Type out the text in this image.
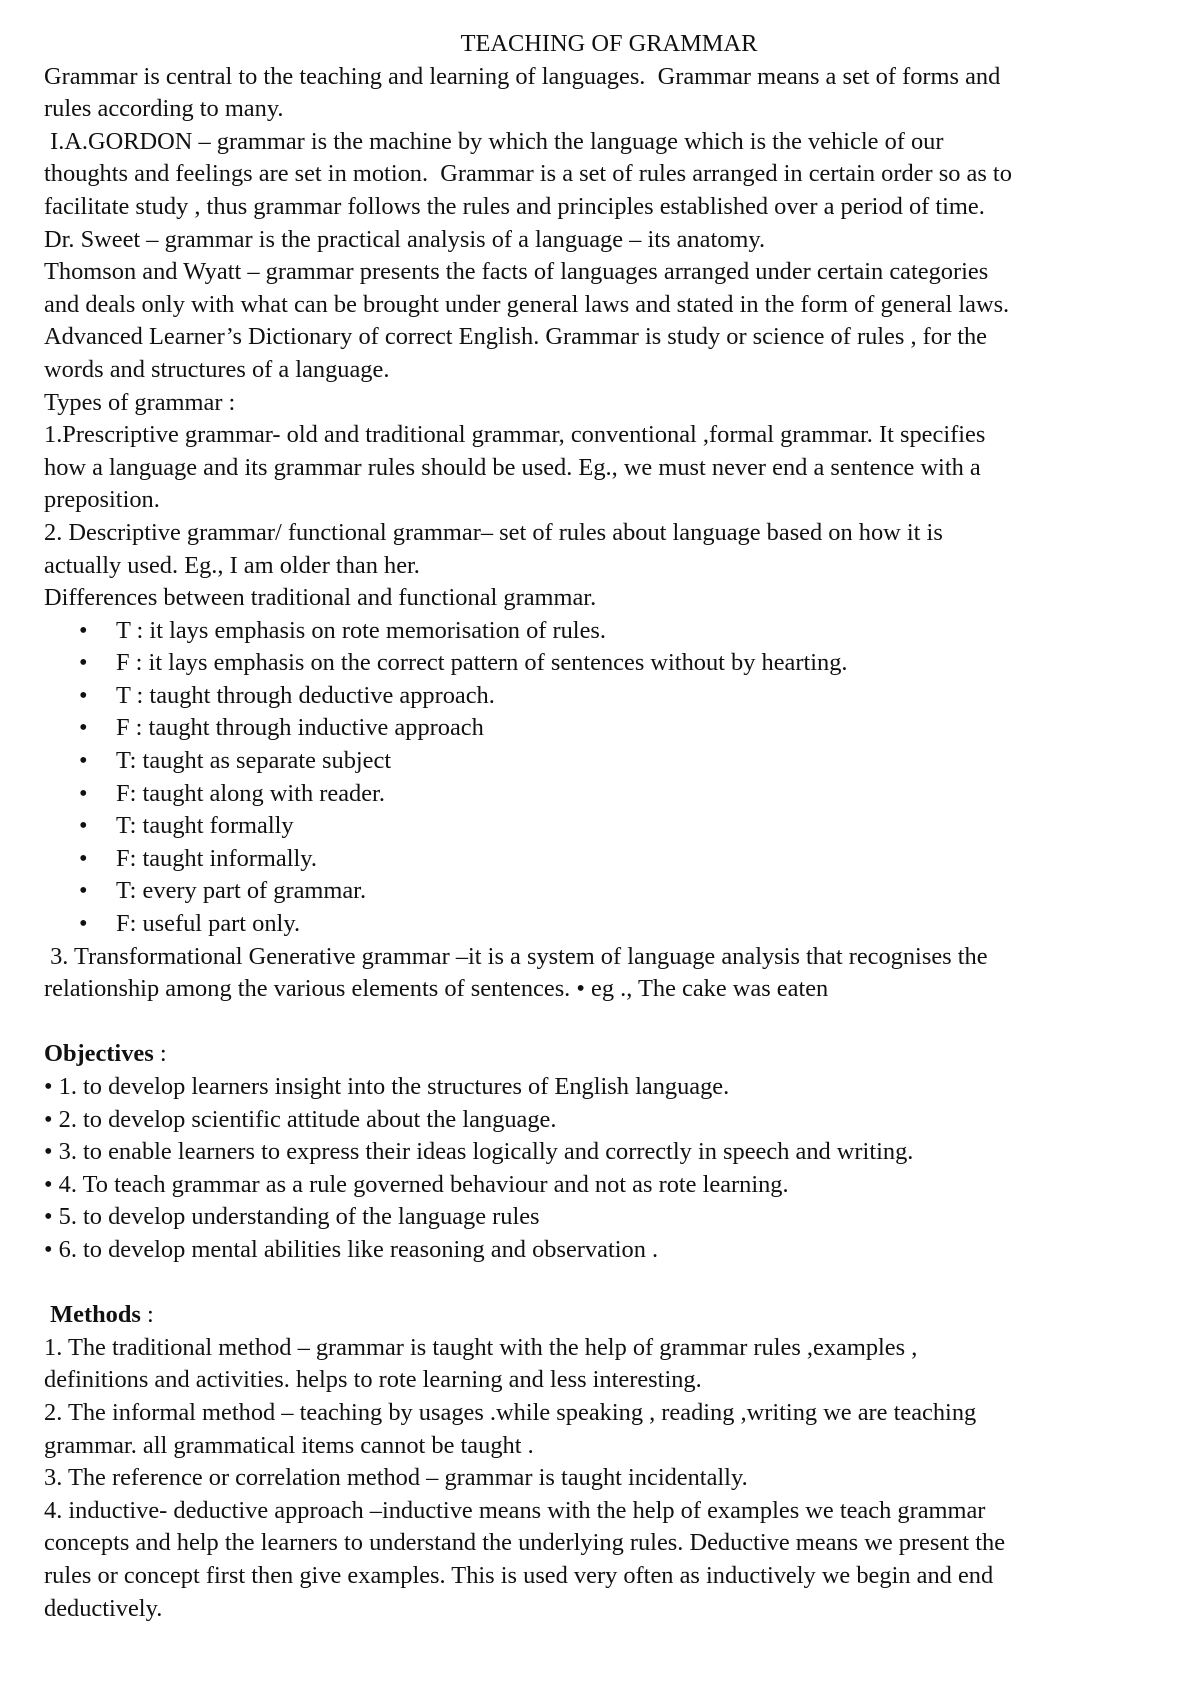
TEACHING OF GRAMMAR
Grammar is central to the teaching and learning of languages.  Grammar means a set of forms and
rules according to many.
I.A.GORDON – grammar is the machine by which the language which is the vehicle of our
thoughts and feelings are set in motion.  Grammar is a set of rules arranged in certain order so as to
facilitate study , thus grammar follows the rules and principles established over a period of time.
Dr. Sweet – grammar is the practical analysis of a language – its anatomy.
Thomson and Wyatt – grammar presents the facts of languages arranged under certain categories
and deals only with what can be brought under general laws and stated in the form of general laws.
Advanced Learner’s Dictionary of correct English. Grammar is study or science of rules , for the
words and structures of a language.
Types of grammar :
1.Prescriptive grammar- old and traditional grammar, conventional ,formal grammar. It specifies
how a language and its grammar rules should be used. Eg., we must never end a sentence with a
preposition.
2. Descriptive grammar/ functional grammar– set of rules about language based on how it is
actually used. Eg., I am older than her.
Differences between traditional and functional grammar.
• T : it lays emphasis on rote memorisation of rules.
• F : it lays emphasis on the correct pattern of sentences without by hearting.
• T : taught through deductive approach.
• F : taught through inductive approach
• T: taught as separate subject
• F: taught along with reader.
• T: taught formally
• F: taught informally.
• T: every part of grammar.
• F: useful part only.
3. Transformational Generative grammar –it is a system of language analysis that recognises the
relationship among the various elements of sentences. • eg ., The cake was eaten
Objectives :
• 1. to develop learners insight into the structures of English language.
• 2. to develop scientific attitude about the language.
• 3. to enable learners to express their ideas logically and correctly in speech and writing.
• 4. To teach grammar as a rule governed behaviour and not as rote learning.
• 5. to develop understanding of the language rules
• 6. to develop mental abilities like reasoning and observation .
Methods :
1. The traditional method – grammar is taught with the help of grammar rules ,examples ,
definitions and activities. helps to rote learning and less interesting.
2. The informal method – teaching by usages .while speaking , reading ,writing we are teaching
grammar. all grammatical items cannot be taught .
3. The reference or correlation method – grammar is taught incidentally.
4. inductive- deductive approach –inductive means with the help of examples we teach grammar
concepts and help the learners to understand the underlying rules. Deductive means we present the
rules or concept first then give examples. This is used very often as inductively we begin and end
deductively.
